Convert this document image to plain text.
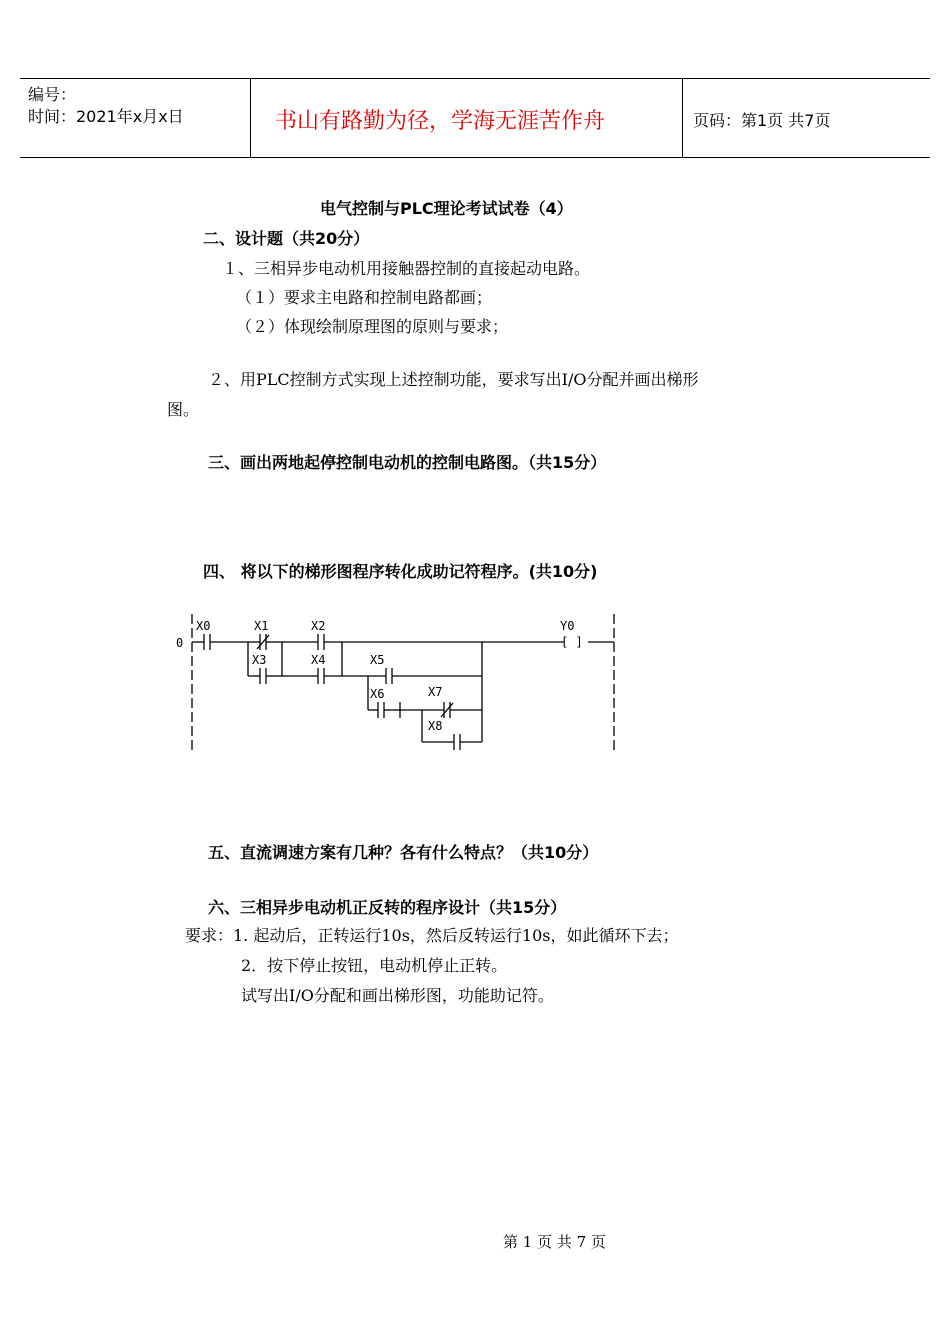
编号：
时间：2021年x月x日	书山有路勤为径，学海无涯苦作舟	页码：第1页 共7页
电气控制与PLC理论考试试卷（4）
二、设计题（共20分）
１、三相异步电动机用接触器控制的直接起动电路。
（１）要求主电路和控制电路都画；
（２）体现绘制原理图的原则与要求；
２、用PLC控制方式实现上述控制功能，要求写出I/O分配并画出梯形
图。
三、画出两地起停控制电动机的控制电路图。（共15分）
四、 将以下的梯形图程序转化成助记符程序。(共10分)
0
X0	X1	X2
X3	X4	X5
X6	X7
X8
Y0
[ ]
五、直流调速方案有几种？各有什么特点？（共10分）
六、三相异步电动机正反转的程序设计（共15分）
要求：1. 起动后，正转运行10s，然后反转运行10s，如此循环下去；
2．按下停止按钮，电动机停止正转。
试写出I/O分配和画出梯形图，功能助记符。
第 1 页 共 7 页
